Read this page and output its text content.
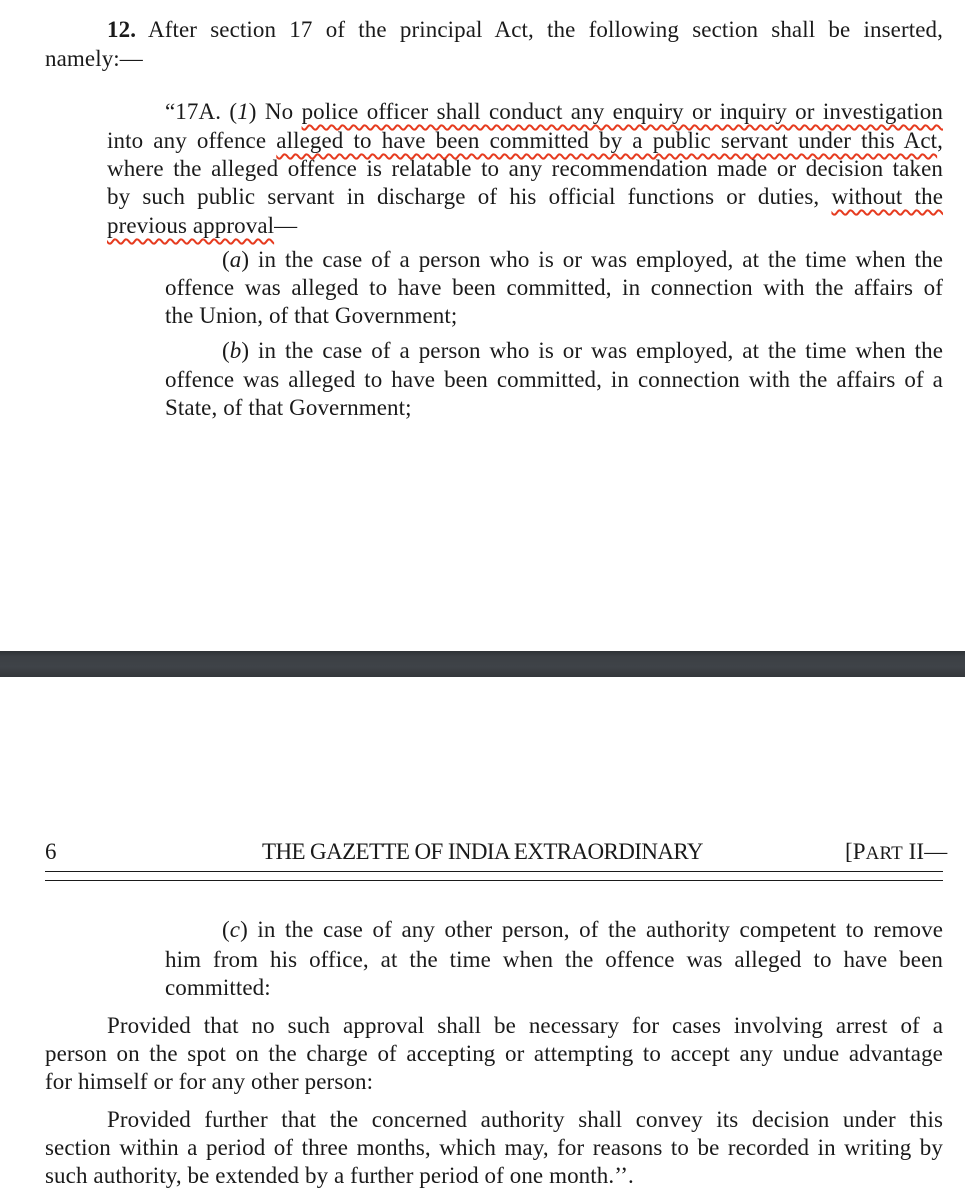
12. After section 17 of the principal Act, the following section shall be inserted,
namely:—
“17A. (1) No police officer shall conduct any enquiry or inquiry or investigation
into any offence alleged to have been committed by a public servant under this Act,
where the alleged offence is relatable to any recommendation made or decision taken
by such public servant in discharge of his official functions or duties, without the
previous approval—
(a) in the case of a person who is or was employed, at the time when the
offence was alleged to have been committed, in connection with the affairs of
the Union, of that Government;
(b) in the case of a person who is or was employed, at the time when the
offence was alleged to have been committed, in connection with the affairs of a
State, of that Government;
6	THE GAZETTE OF INDIA EXTRAORDINARY	[PART II—
(c) in the case of any other person, of the authority competent to remove
him from his office, at the time when the offence was alleged to have been
committed:
Provided that no such approval shall be necessary for cases involving arrest of a
person on the spot on the charge of accepting or attempting to accept any undue advantage
for himself or for any other person:
Provided further that the concerned authority shall convey its decision under this
section within a period of three months, which may, for reasons to be recorded in writing by
such authority, be extended by a further period of one month.’’.
